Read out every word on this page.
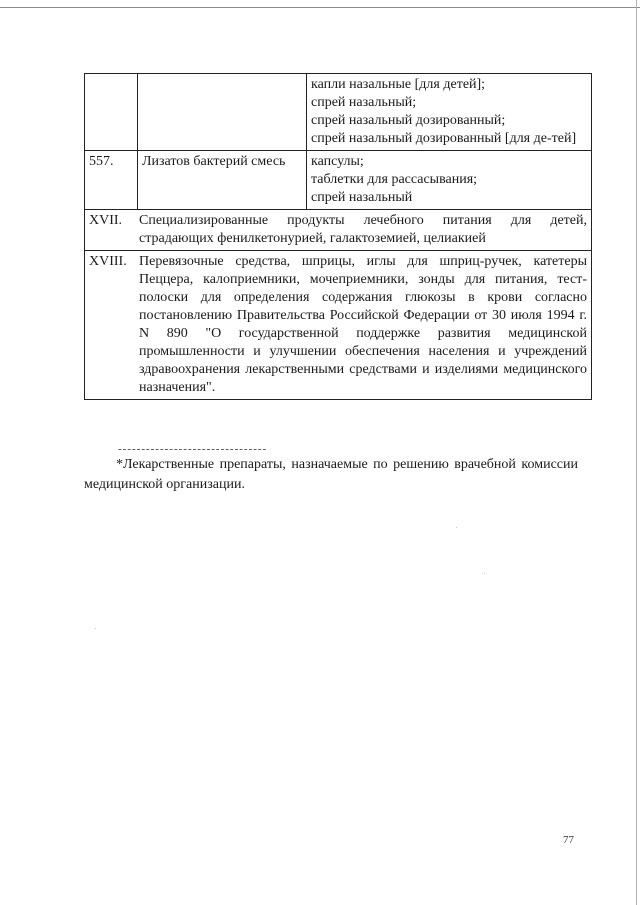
		капли назальные [для детей];
спрей назальный;
спрей назальный дозированный;
спрей назальный дозированный [для де-тей]

557.	Лизатов бактерий смесь	капсулы;
таблетки для рассасывания;
спрей назальный

XVII. Специализированные продукты лечебного питания для детей, страдающих фенилкетонурией, галактоземией, целиакией		

XVIII. Перевязочные средства, шприцы, иглы для шприц-ручек, катетеры Пеццера, калоприемники, мочеприемники, зонды для питания, тест-полоски для определения содержания глюкозы в крови согласно постановлению Правительства Российской Федерации от 30 июля 1994 г. N 890 "О государственной поддержке развития медицинской промышленности и улучшении обеспечения населения и учреждений здравоохранения лекарственными средствами и изделиями медицинского назначения".		
--------------------------------
*Лекарственные препараты, назначаемые по решению врачебной комиссии медицинской организации.
77
